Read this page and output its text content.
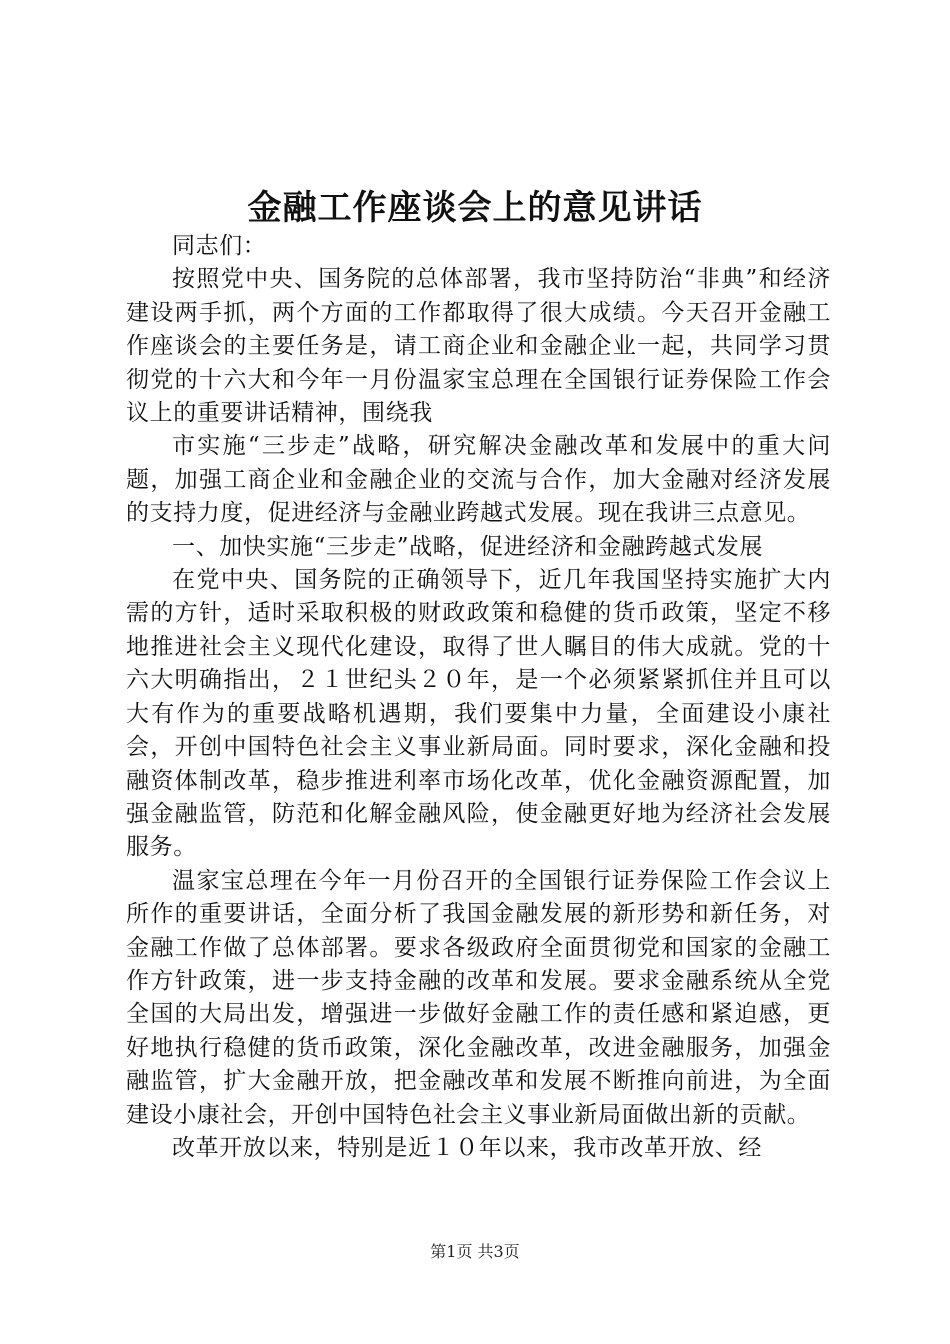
金融工作座谈会上的意见讲话

同志们：

按照党中央、国务院的总体部署，我市坚持防治“非典”和经济建设两手抓，两个方面的工作都取得了很大成绩。今天召开金融工作座谈会的主要任务是，请工商企业和金融企业一起，共同学习贯彻党的十六大和今年一月份温家宝总理在全国银行证券保险工作会议上的重要讲话精神，围绕我

市实施“三步走”战略，研究解决金融改革和发展中的重大问题，加强工商企业和金融企业的交流与合作，加大金融对经济发展的支持力度，促进经济与金融业跨越式发展。现在我讲三点意见。

一、加快实施“三步走”战略，促进经济和金融跨越式发展

在党中央、国务院的正确领导下，近几年我国坚持实施扩大内需的方针，适时采取积极的财政政策和稳健的货币政策，坚定不移地推进社会主义现代化建设，取得了世人瞩目的伟大成就。党的十六大明确指出，２１世纪头２０年，是一个必须紧紧抓住并且可以大有作为的重要战略机遇期，我们要集中力量，全面建设小康社会，开创中国特色社会主义事业新局面。同时要求，深化金融和投融资体制改革，稳步推进利率市场化改革，优化金融资源配置，加强金融监管，防范和化解金融风险，使金融更好地为经济社会发展服务。

温家宝总理在今年一月份召开的全国银行证券保险工作会议上所作的重要讲话，全面分析了我国金融发展的新形势和新任务，对金融工作做了总体部署。要求各级政府全面贯彻党和国家的金融工作方针政策，进一步支持金融的改革和发展。要求金融系统从全党全国的大局出发，增强进一步做好金融工作的责任感和紧迫感，更好地执行稳健的货币政策，深化金融改革，改进金融服务，加强金融监管，扩大金融开放，把金融改革和发展不断推向前进，为全面建设小康社会，开创中国特色社会主义事业新局面做出新的贡献。

改革开放以来，特别是近１０年以来，我市改革开放、经

第1页 共3页
